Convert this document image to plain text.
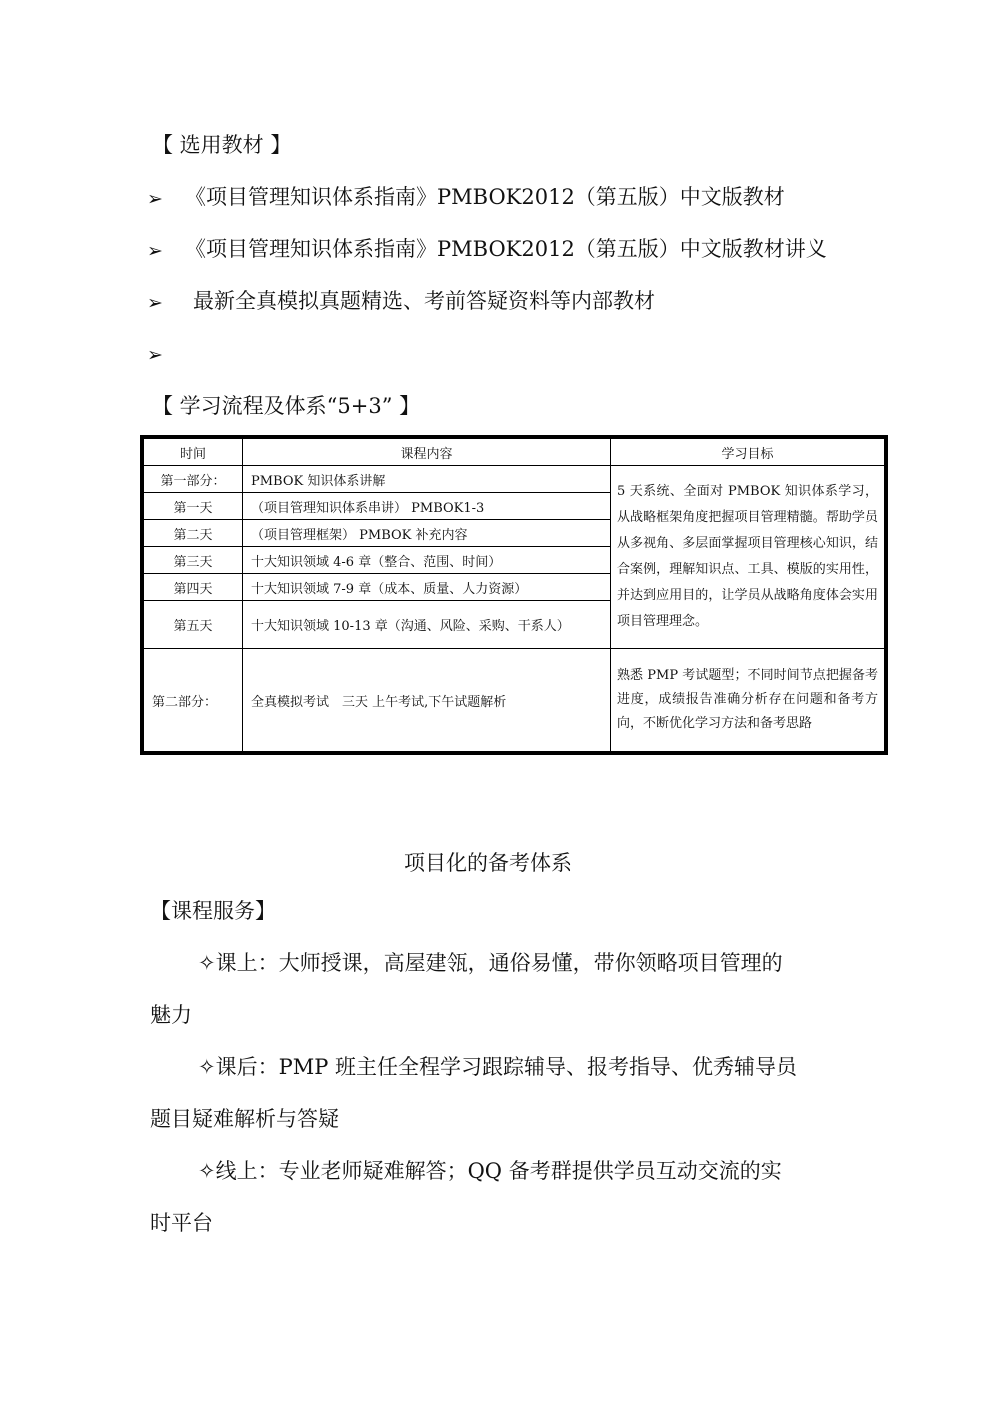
【 选用教材 】
➢ 《项目管理知识体系指南》PMBOK2012（第五版）中文版教材
➢ 《项目管理知识体系指南》PMBOK2012（第五版）中文版教材讲义
➢ 最新全真模拟真题精选、考前答疑资料等内部教材
➢
【 学习流程及体系“5+3” 】
时间	课程内容	学习目标
第一部分：	PMBOK 知识体系讲解	5 天系统、全面对 PMBOK 知识体系学习，从战略框架角度把握项目管理精髓。帮助学员从多视角、多层面掌握项目管理核心知识，结合案例，理解知识点、工具、模版的实用性，并达到应用目的，让学员从战略角度体会实用项目管理理念。
第一天	（项目管理知识体系串讲） PMBOK1-3	
第二天	（项目管理框架） PMBOK 补充内容	
第三天	十大知识领域 4-6 章（整合、范围、时间）	
第四天	十大知识领域 7-9 章（成本、质量、人力资源）	
第五天	十大知识领域 10-13 章（沟通、风险、采购、干系人）	
第二部分：	全真模拟考试　三天 上午考试,下午试题解析	熟悉 PMP 考试题型；不同时间节点把握备考进度，成绩报告准确分析存在问题和备考方向，不断优化学习方法和备考思路
项目化的备考体系
【课程服务】
✧课上：大师授课，高屋建瓴，通俗易懂，带你领略项目管理的
魅力
✧课后：PMP 班主任全程学习跟踪辅导、报考指导、优秀辅导员
题目疑难解析与答疑
✧线上：专业老师疑难解答；QQ 备考群提供学员互动交流的实
时平台
